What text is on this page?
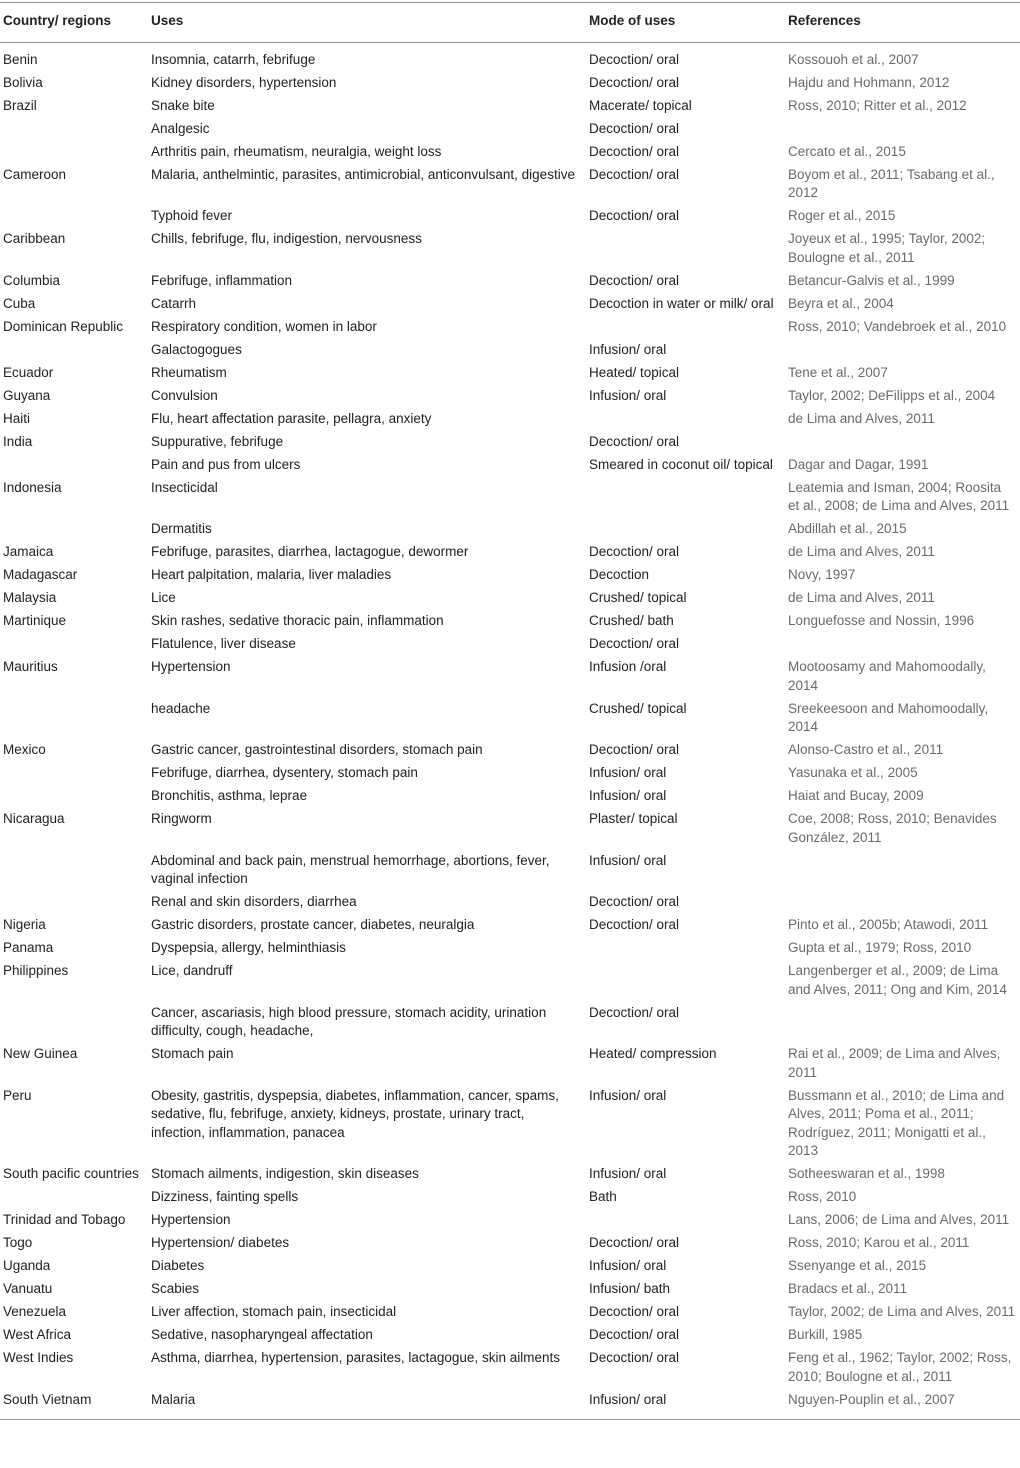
Country/ regions	Uses	Mode of uses	References
Benin	Insomnia, catarrh, febrifuge	Decoction/ oral	Kossouoh et al., 2007
Bolivia	Kidney disorders, hypertension	Decoction/ oral	Hajdu and Hohmann, 2012
Brazil	Snake bite	Macerate/ topical	Ross, 2010; Ritter et al., 2012
	Analgesic	Decoction/ oral	
	Arthritis pain, rheumatism, neuralgia, weight loss	Decoction/ oral	Cercato et al., 2015
Cameroon	Malaria, anthelmintic, parasites, antimicrobial, anticonvulsant, digestive	Decoction/ oral	Boyom et al., 2011; Tsabang et al., 2012
	Typhoid fever	Decoction/ oral	Roger et al., 2015
Caribbean	Chills, febrifuge, flu, indigestion, nervousness		Joyeux et al., 1995; Taylor, 2002; Boulogne et al., 2011
Columbia	Febrifuge, inflammation	Decoction/ oral	Betancur-Galvis et al., 1999
Cuba	Catarrh	Decoction in water or milk/ oral	Beyra et al., 2004
Dominican Republic	Respiratory condition, women in labor		Ross, 2010; Vandebroek et al., 2010
	Galactogogues	Infusion/ oral	
Ecuador	Rheumatism	Heated/ topical	Tene et al., 2007
Guyana	Convulsion	Infusion/ oral	Taylor, 2002; DeFilipps et al., 2004
Haiti	Flu, heart affectation parasite, pellagra, anxiety		de Lima and Alves, 2011
India	Suppurative, febrifuge	Decoction/ oral	
	Pain and pus from ulcers	Smeared in coconut oil/ topical	Dagar and Dagar, 1991
Indonesia	Insecticidal		Leatemia and Isman, 2004; Roosita et al., 2008; de Lima and Alves, 2011
	Dermatitis		Abdillah et al., 2015
Jamaica	Febrifuge, parasites, diarrhea, lactagogue, dewormer	Decoction/ oral	de Lima and Alves, 2011
Madagascar	Heart palpitation, malaria, liver maladies	Decoction	Novy, 1997
Malaysia	Lice	Crushed/ topical	de Lima and Alves, 2011
Martinique	Skin rashes, sedative thoracic pain, inflammation	Crushed/ bath	Longuefosse and Nossin, 1996
	Flatulence, liver disease	Decoction/ oral	
Mauritius	Hypertension	Infusion /oral	Mootoosamy and Mahomoodally, 2014
	headache	Crushed/ topical	Sreekeesoon and Mahomoodally, 2014
Mexico	Gastric cancer, gastrointestinal disorders, stomach pain	Decoction/ oral	Alonso-Castro et al., 2011
	Febrifuge, diarrhea, dysentery, stomach pain	Infusion/ oral	Yasunaka et al., 2005
	Bronchitis, asthma, leprae	Infusion/ oral	Haiat and Bucay, 2009
Nicaragua	Ringworm	Plaster/ topical	Coe, 2008; Ross, 2010; Benavides González, 2011
	Abdominal and back pain, menstrual hemorrhage, abortions, fever, vaginal infection	Infusion/ oral	
	Renal and skin disorders, diarrhea	Decoction/ oral	
Nigeria	Gastric disorders, prostate cancer, diabetes, neuralgia	Decoction/ oral	Pinto et al., 2005b; Atawodi, 2011
Panama	Dyspepsia, allergy, helminthiasis		Gupta et al., 1979; Ross, 2010
Philippines	Lice, dandruff		Langenberger et al., 2009; de Lima and Alves, 2011; Ong and Kim, 2014
	Cancer, ascariasis, high blood pressure, stomach acidity, urination difficulty, cough, headache,	Decoction/ oral	
New Guinea	Stomach pain	Heated/ compression	Rai et al., 2009; de Lima and Alves, 2011
Peru	Obesity, gastritis, dyspepsia, diabetes, inflammation, cancer, spams, sedative, flu, febrifuge, anxiety, kidneys, prostate, urinary tract, infection, inflammation, panacea	Infusion/ oral	Bussmann et al., 2010; de Lima and Alves, 2011; Poma et al., 2011; Rodríguez, 2011; Monigatti et al., 2013
South pacific countries	Stomach ailments, indigestion, skin diseases	Infusion/ oral	Sotheeswaran et al., 1998
	Dizziness, fainting spells	Bath	Ross, 2010
Trinidad and Tobago	Hypertension		Lans, 2006; de Lima and Alves, 2011
Togo	Hypertension/ diabetes	Decoction/ oral	Ross, 2010; Karou et al., 2011
Uganda	Diabetes	Infusion/ oral	Ssenyange et al., 2015
Vanuatu	Scabies	Infusion/ bath	Bradacs et al., 2011
Venezuela	Liver affection, stomach pain, insecticidal	Decoction/ oral	Taylor, 2002; de Lima and Alves, 2011
West Africa	Sedative, nasopharyngeal affectation	Decoction/ oral	Burkill, 1985
West Indies	Asthma, diarrhea, hypertension, parasites, lactagogue, skin ailments	Decoction/ oral	Feng et al., 1962; Taylor, 2002; Ross, 2010; Boulogne et al., 2011
South Vietnam	Malaria	Infusion/ oral	Nguyen-Pouplin et al., 2007
